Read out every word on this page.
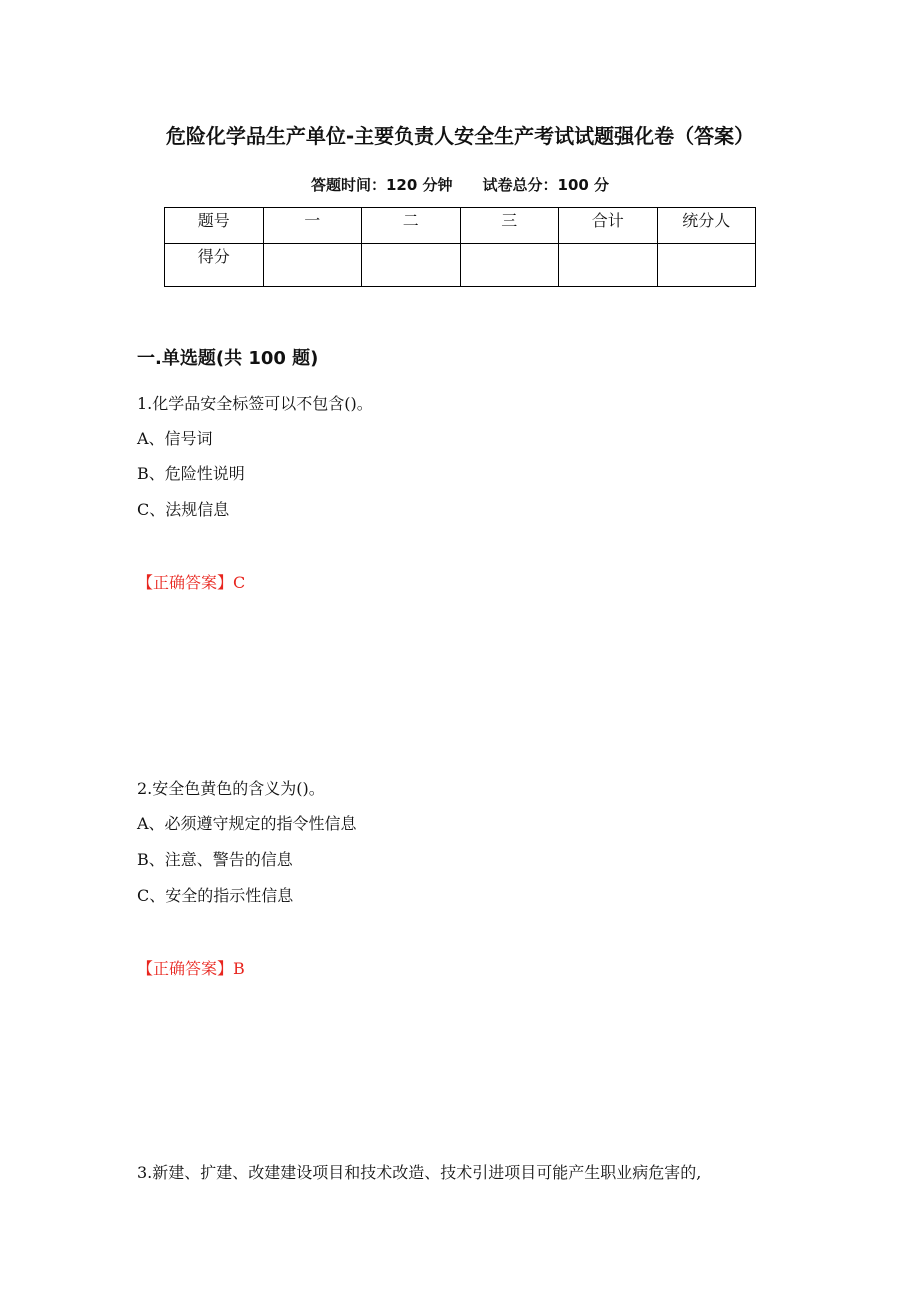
危险化学品生产单位-主要负责人安全生产考试试题强化卷（答案）
答题时间：120 分钟 试卷总分：100 分
题号	一	二	三	合计	统分人
得分					
一.单选题(共 100 题)
1.化学品安全标签可以不包含()。
A、信号词
B、危险性说明
C、法规信息
【正确答案】C
2.安全色黄色的含义为()。
A、必须遵守规定的指令性信息
B、注意、警告的信息
C、安全的指示性信息
【正确答案】B
3.新建、扩建、改建建设项目和技术改造、技术引进项目可能产生职业病危害的,
